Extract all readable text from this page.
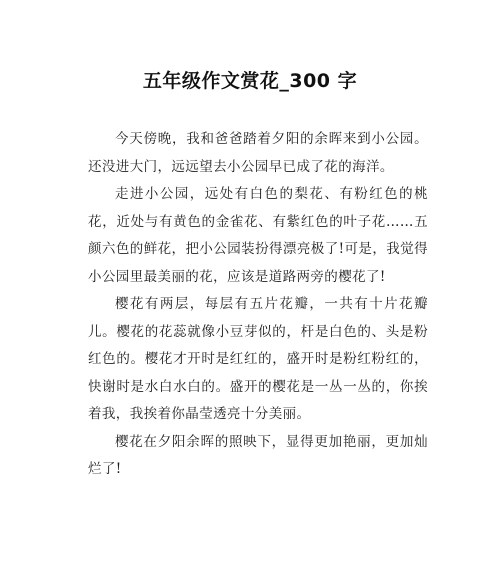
五年级作文赏花_300 字

今天傍晚，我和爸爸踏着夕阳的余晖来到小公园。还没进大门，远远望去小公园早已成了花的海洋。

走进小公园，远处有白色的梨花、有粉红色的桃花，近处与有黄色的金雀花、有紫红色的叶子花……五颜六色的鲜花，把小公园装扮得漂亮极了!可是，我觉得小公园里最美丽的花，应该是道路两旁的樱花了!

樱花有两层，每层有五片花瓣，一共有十片花瓣儿。樱花的花蕊就像小豆芽似的，杆是白色的、头是粉红色的。樱花才开时是红红的，盛开时是粉红粉红的，快谢时是水白水白的。盛开的樱花是一丛一丛的，你挨着我，我挨着你晶莹透亮十分美丽。

樱花在夕阳余晖的照映下，显得更加艳丽，更加灿烂了!
